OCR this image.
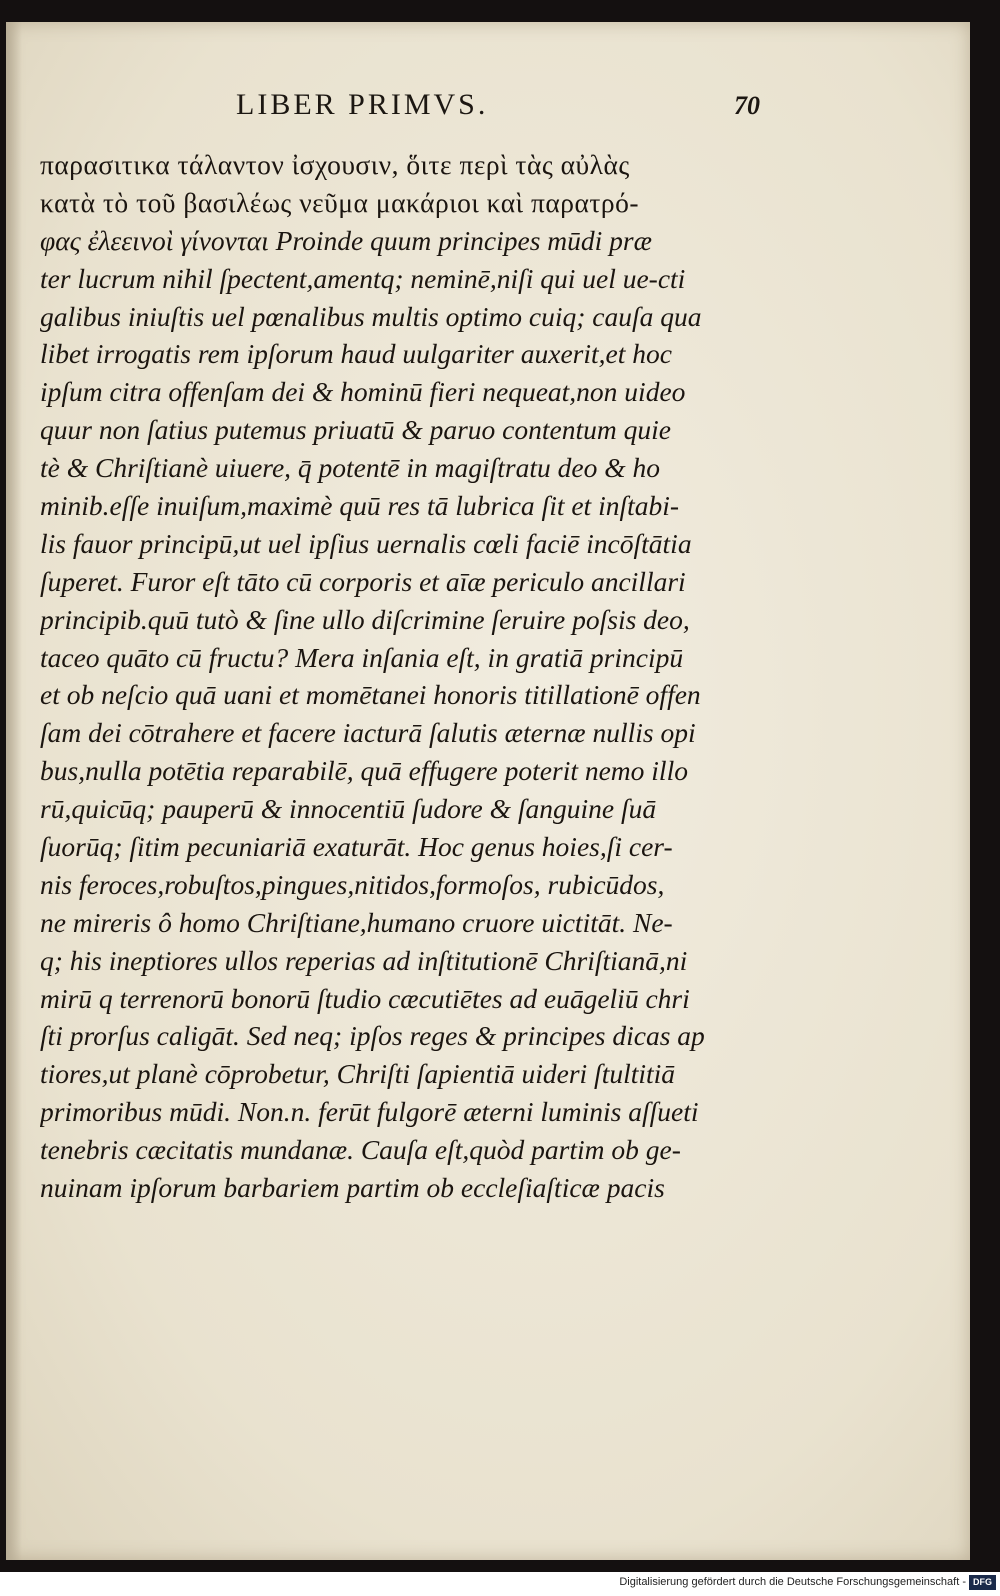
LIBER PRIMVS.	70
παρασιτικα τάλαντον ἰσχουσιν, ὅιτε περὶ τὰς αὐλὰς
κατὰ τὸ τοῦ βασιλέως νεῦμα μακάριοι καὶ παρατρό-
φας ἐλεεινοὶ γίνονται Proinde quum principes mūdi præ
ter lucrum nihil ſpectent,amentq; neminē,niſi qui uel ue-cti
galibus iniuſtis uel pœnalibus multis optimo cuiq; cauſa qua
libet irrogatis rem ipſorum haud uulgariter auxerit,et hoc
ipſum citra offenſam dei & hominū fieri nequeat,non uideo
quur non ſatius putemus priuatū & paruo contentum quie
tè & Chriſtianè uiuere, q̄ potentē in magiſtratu deo & ho
minib.eſſe inuiſum,maximè quū res tā lubrica ſit et inſtabi-
lis fauor principū,ut uel ipſius uernalis cœli faciē incōſtātia
ſuperet. Furor eſt tāto cū corporis et aīæ periculo ancillari
principib.quū tutò & ſine ullo diſcrimine ſeruire poſsis deo,
taceo quāto cū fructu? Mera inſania eſt, in gratiā principū
et ob neſcio quā uani et momētanei honoris titillationē offen
ſam dei cōtrahere et facere iacturā ſalutis æternæ nullis opi
bus,nulla potētia reparabilē, quā effugere poterit nemo illo
rū,quicūq; pauperū & innocentiū ſudore & ſanguine ſuā
ſuorūq; ſitim pecuniariā exaturāt. Hoc genus hoies,ſi cer-
nis feroces,robuſtos,pingues,nitidos,formoſos, rubicūdos,
ne mireris ô homo Chriſtiane,humano cruore uictitāt. Ne-
q; his ineptiores ullos reperias ad inſtitutionē Chriſtianā,ni
mirū q terrenorū bonorū ſtudio cæcutiētes ad euāgeliū chri
ſti prorſus caligāt. Sed neq; ipſos reges & principes dicas ap
tiores,ut planè cōprobetur, Chriſti ſapientiā uideri ſtultitiā
primoribus mūdi. Non.n. ferūt fulgorē æterni luminis aſſueti
tenebris cæcitatis mundanæ. Cauſa eſt,quòd partim ob ge-
nuinam ipſorum barbariem partim ob eccleſiaſticæ pacis
Digitalisierung gefördert durch die Deutsche Forschungsgemeinschaft - DFG
